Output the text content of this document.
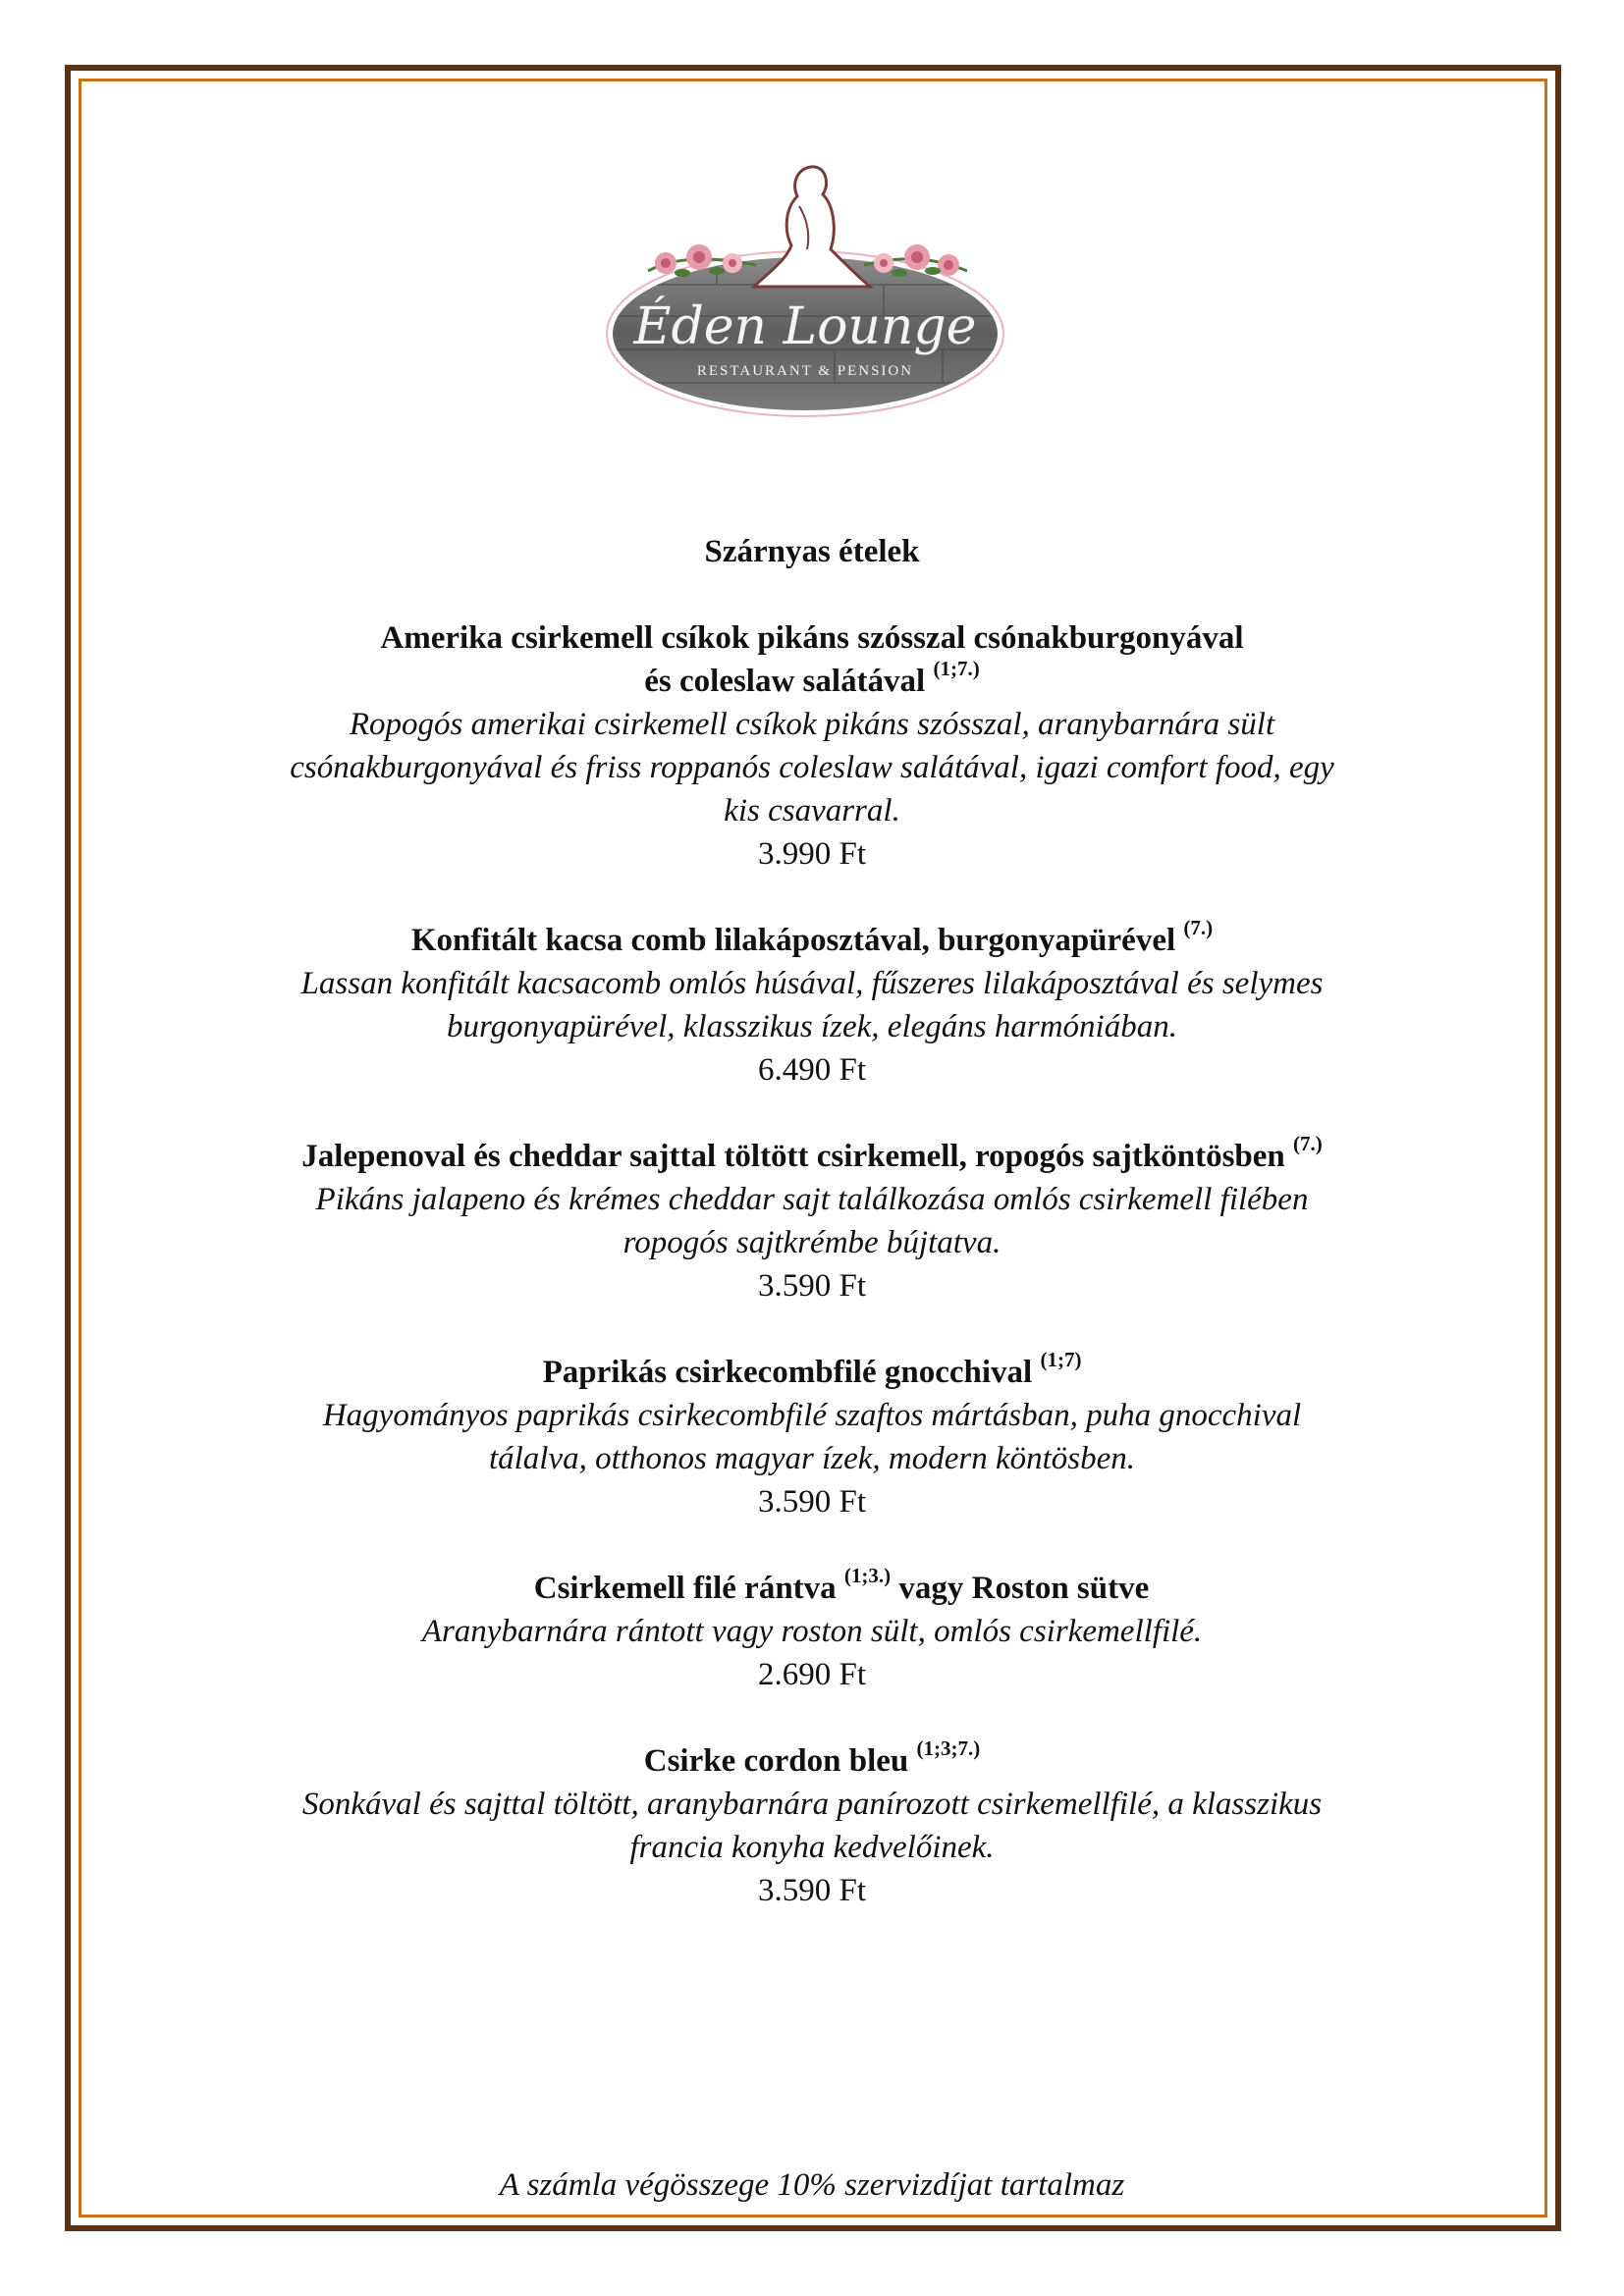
Éden Lounge
RESTAURANT & PENSION
Szárnyas ételek
Amerika csirkemell csíkok pikáns szósszal csónakburgonyával
és coleslaw salátával $^{(1;7.)}$
Ropogós amerikai csirkemell csíkok pikáns szósszal, aranybarnára sült
csónakburgonyával és friss roppanós coleslaw salátával, igazi comfort food, egy
kis csavarral.
3.990 Ft
Konfitált kacsa comb lilakáposztával, burgonyapürével $^{(7.)}$
Lassan konfitált kacsacomb omlós húsával, fűszeres lilakáposztával és selymes
burgonyapürével, klasszikus ízek, elegáns harmóniában.
6.490 Ft
Jalepenoval és cheddar sajttal töltött csirkemell, ropogós sajtköntösben $^{(7.)}$
Pikáns jalapeno és krémes cheddar sajt találkozása omlós csirkemell filében
ropogós sajtkrémbe bújtatva.
3.590 Ft
Paprikás csirkecombfilé gnocchival $^{(1;7)}$
Hagyományos paprikás csirkecombfilé szaftos mártásban, puha gnocchival
tálalva, otthonos magyar ízek, modern köntösben.
3.590 Ft
Csirkemell filé rántva $^{(1;3.)}$ vagy Roston sütve
Aranybarnára rántott vagy roston sült, omlós csirkemellfilé.
2.690 Ft
Csirke cordon bleu $^{(1;3;7.)}$
Sonkával és sajttal töltött, aranybarnára panírozott csirkemellfilé, a klasszikus
francia konyha kedvelőinek.
3.590 Ft
A számla végösszege 10% szervizdíjat tartalmaz
